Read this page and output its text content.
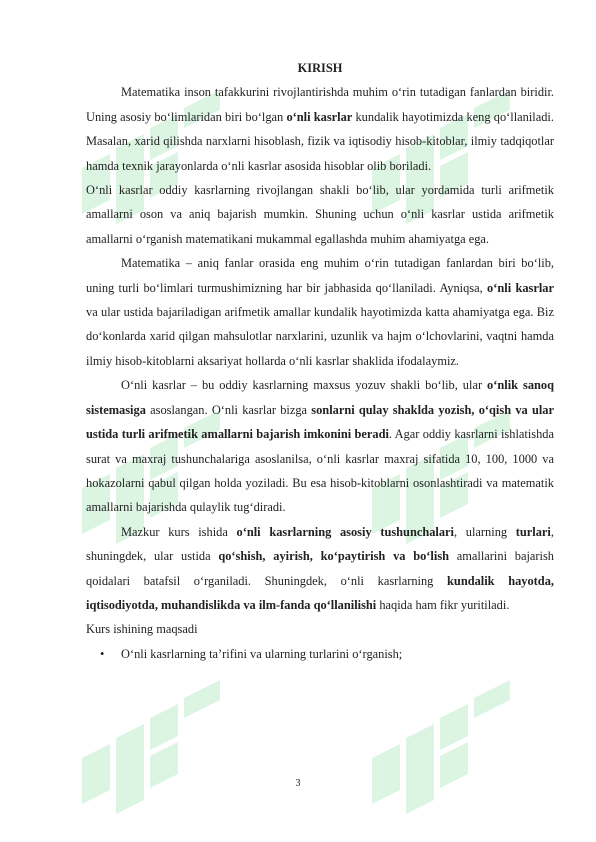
KIRISH

Matematika inson tafakkurini rivojlantirishda muhim o‘rin tutadigan fanlardan biridir. Uning asosiy bo‘limlaridan biri bo‘lgan o‘nli kasrlar kundalik hayotimizda keng qo‘llaniladi. Masalan, xarid qilishda narxlarni hisoblash, fizik va iqtisodiy hisob-kitoblar, ilmiy tadqiqotlar hamda texnik jarayonlarda o‘nli kasrlar asosida hisoblar olib boriladi.

O‘nli kasrlar oddiy kasrlarning rivojlangan shakli bo‘lib, ular yordamida turli arifmetik amallarni oson va aniq bajarish mumkin. Shuning uchun o‘nli kasrlar ustida arifmetik amallarni o‘rganish matematikani mukammal egallashda muhim ahamiyatga ega.

Matematika – aniq fanlar orasida eng muhim o‘rin tutadigan fanlardan biri bo‘lib, uning turli bo‘limlari turmushimizning har bir jabhasida qo‘llaniladi. Ayniqsa, o‘nli kasrlar va ular ustida bajariladigan arifmetik amallar kundalik hayotimizda katta ahamiyatga ega. Biz do‘konlarda xarid qilgan mahsulotlar narxlarini, uzunlik va hajm o‘lchovlarini, vaqtni hamda ilmiy hisob-kitoblarni aksariyat hollarda o‘nli kasrlar shaklida ifodalaymiz.

O‘nli kasrlar – bu oddiy kasrlarning maxsus yozuv shakli bo‘lib, ular o‘nlik sanoq sistemasiga asoslangan. O‘nli kasrlar bizga sonlarni qulay shaklda yozish, o‘qish va ular ustida turli arifmetik amallarni bajarish imkonini beradi. Agar oddiy kasrlarni ishlatishda surat va maxraj tushunchalariga asoslanilsa, o‘nli kasrlar maxraj sifatida 10, 100, 1000 va hokazolarni qabul qilgan holda yoziladi. Bu esa hisob-kitoblarni osonlashtiradi va matematik amallarni bajarishda qulaylik tug‘diradi.

Mazkur kurs ishida o‘nli kasrlarning asosiy tushunchalari, ularning turlari, shuningdek, ular ustida qo‘shish, ayirish, ko‘paytirish va bo‘lish amallarini bajarish qoidalari batafsil o‘rganiladi. Shuningdek, o‘nli kasrlarning kundalik hayotda, iqtisodiyotda, muhandislikda va ilm-fanda qo‘llanilishi haqida ham fikr yuritiladi.

Kurs ishining maqsadi

• O‘nli kasrlarning ta’rifini va ularning turlarini o‘rganish;
3
